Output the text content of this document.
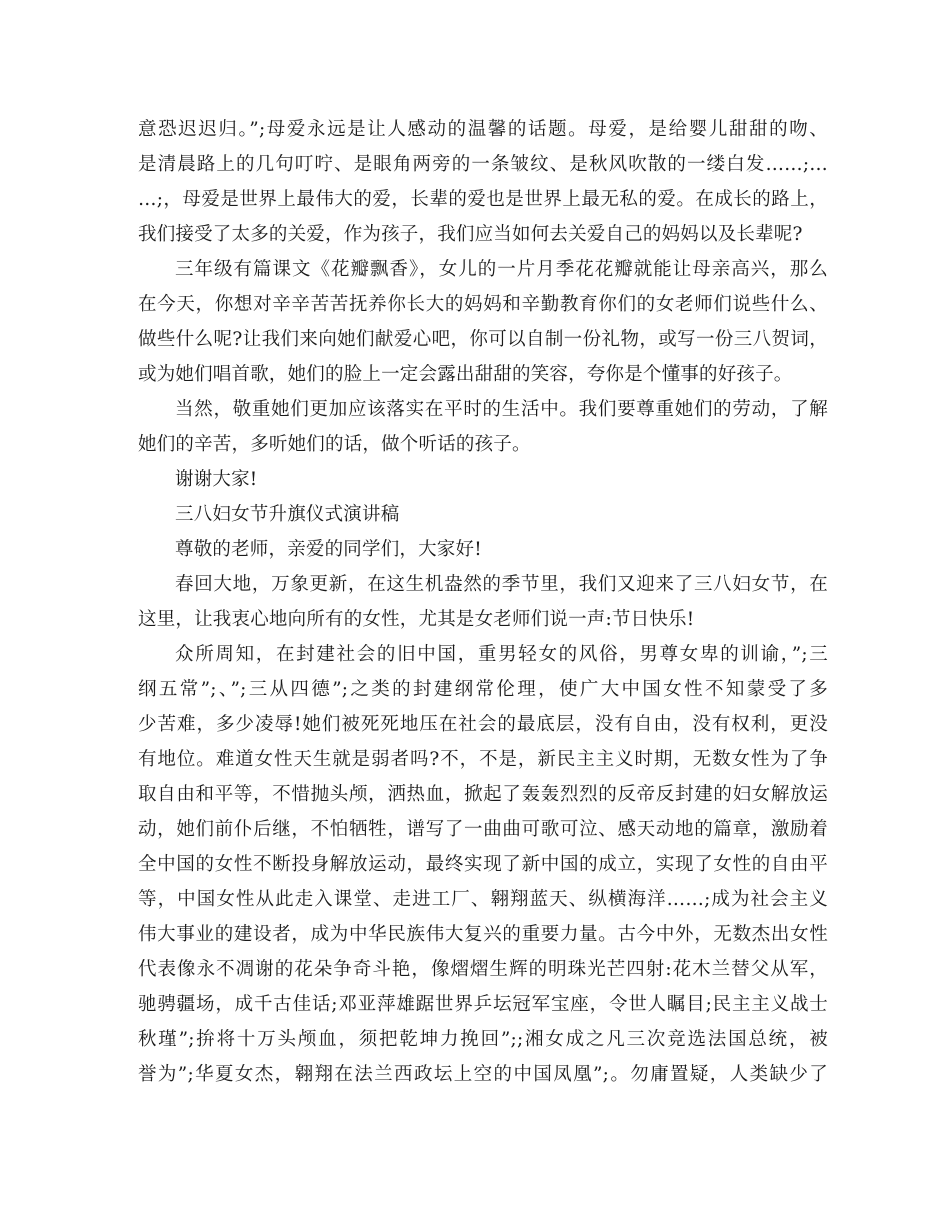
意恐迟迟归。”;母爱永远是让人感动的温馨的话题。母爱，是给婴儿甜甜的吻、
是清晨路上的几句叮咛、是眼角两旁的一条皱纹、是秋风吹散的一缕白发……;…
…;，母爱是世界上最伟大的爱，长辈的爱也是世界上最无私的爱。在成长的路上，
我们接受了太多的关爱，作为孩子，我们应当如何去关爱自己的妈妈以及长辈呢?
三年级有篇课文《花瓣飘香》，女儿的一片月季花花瓣就能让母亲高兴，那么
在今天，你想对辛辛苦苦抚养你长大的妈妈和辛勤教育你们的女老师们说些什么、
做些什么呢?让我们来向她们献爱心吧，你可以自制一份礼物，或写一份三八贺词，
或为她们唱首歌，她们的脸上一定会露出甜甜的笑容，夸你是个懂事的好孩子。
当然，敬重她们更加应该落实在平时的生活中。我们要尊重她们的劳动，了解
她们的辛苦，多听她们的话，做个听话的孩子。
谢谢大家!
三八妇女节升旗仪式演讲稿
尊敬的老师，亲爱的同学们，大家好!
春回大地，万象更新，在这生机盎然的季节里，我们又迎来了三八妇女节，在
这里，让我衷心地向所有的女性，尤其是女老师们说一声:节日快乐!
众所周知，在封建社会的旧中国，重男轻女的风俗，男尊女卑的训谕，”;三
纲五常”;、”;三从四德”;之类的封建纲常伦理，使广大中国女性不知蒙受了多
少苦难，多少凌辱!她们被死死地压在社会的最底层，没有自由，没有权利，更没
有地位。难道女性天生就是弱者吗?不，不是，新民主主义时期，无数女性为了争
取自由和平等，不惜抛头颅，洒热血，掀起了轰轰烈烈的反帝反封建的妇女解放运
动，她们前仆后继，不怕牺牲，谱写了一曲曲可歌可泣、感天动地的篇章，激励着
全中国的女性不断投身解放运动，最终实现了新中国的成立，实现了女性的自由平
等，中国女性从此走入课堂、走进工厂、翱翔蓝天、纵横海洋……;成为社会主义
伟大事业的建设者，成为中华民族伟大复兴的重要力量。古今中外，无数杰出女性
代表像永不凋谢的花朵争奇斗艳，像熠熠生辉的明珠光芒四射:花木兰替父从军，
驰骋疆场，成千古佳话;邓亚萍雄踞世界乒坛冠军宝座，令世人瞩目;民主主义战士
秋瑾”;拚将十万头颅血，须把乾坤力挽回”;;湘女成之凡三次竞选法国总统，被
誉为”;华夏女杰，翱翔在法兰西政坛上空的中国凤凰”;。勿庸置疑，人类缺少了
